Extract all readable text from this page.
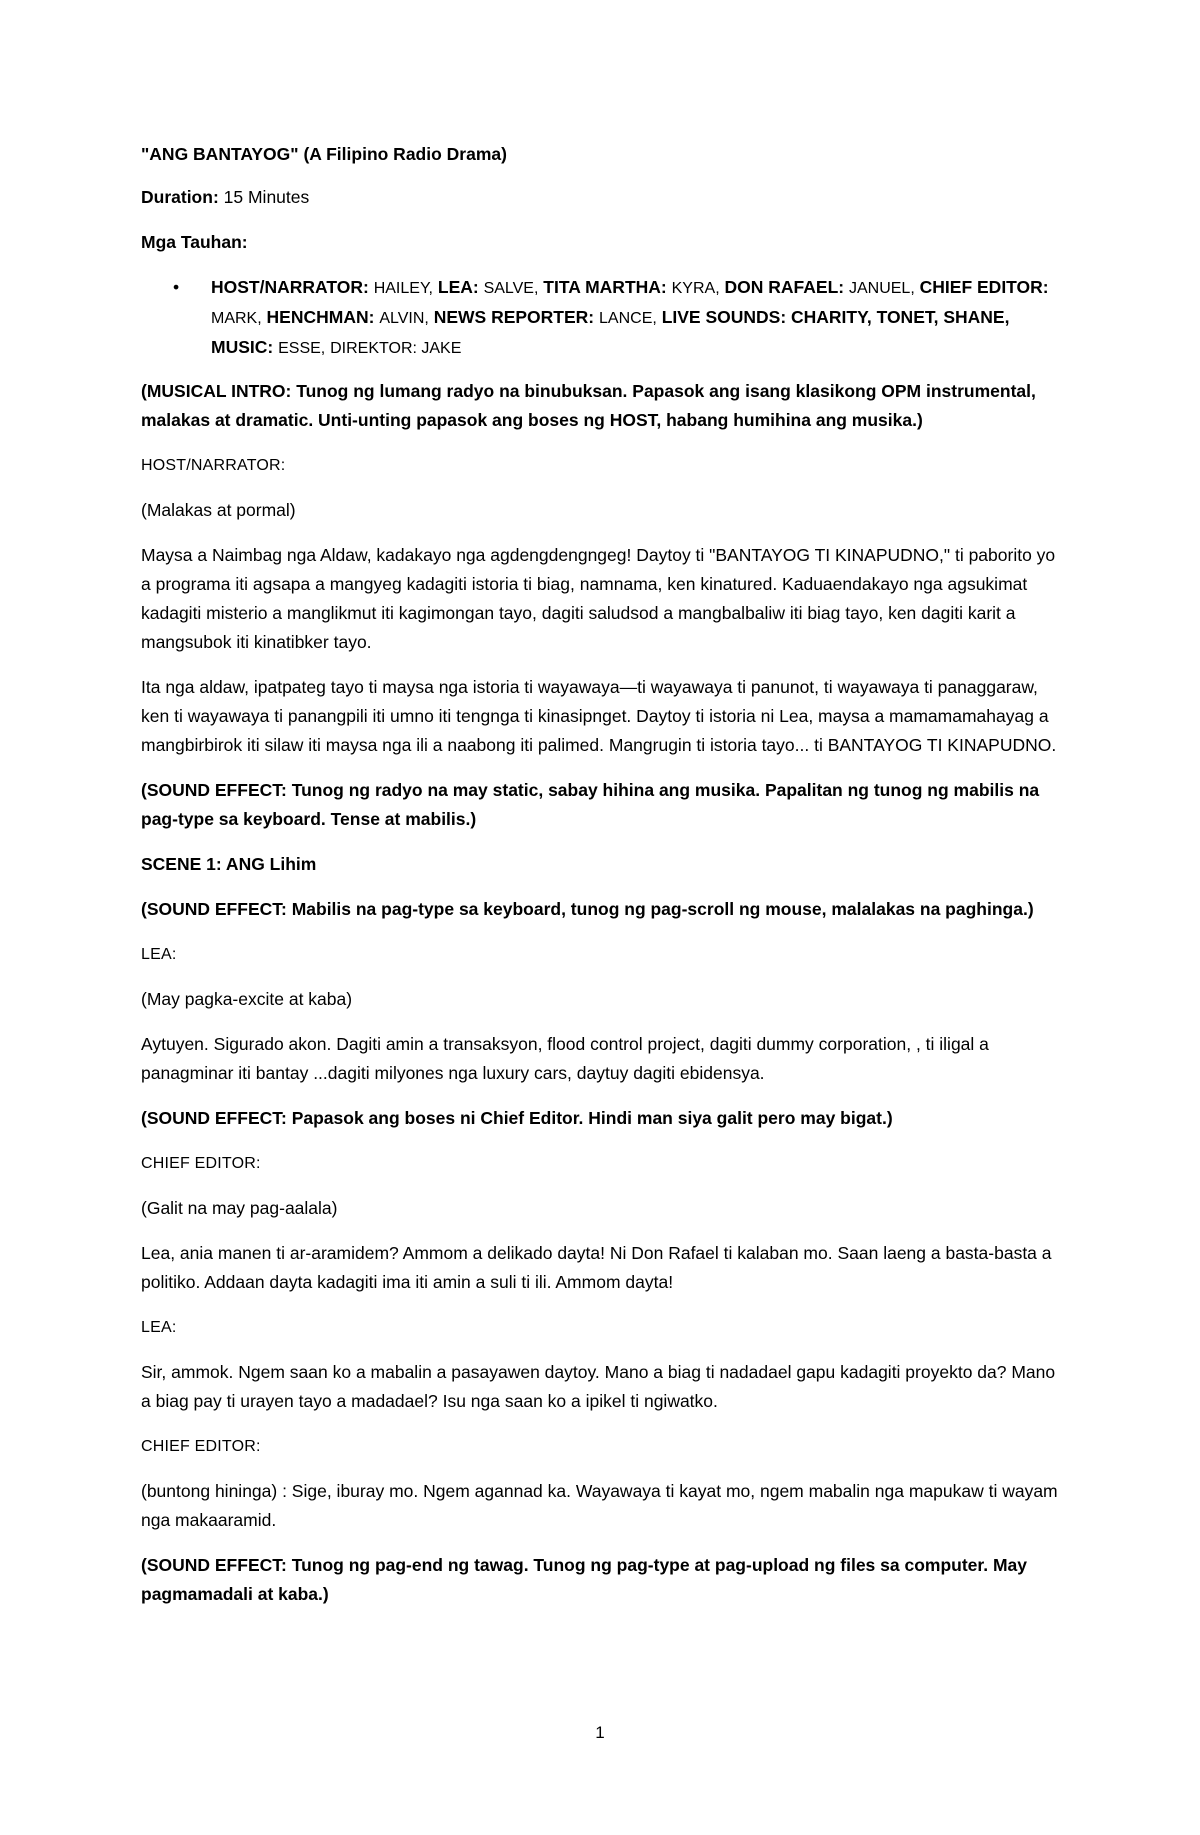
"ANG BANTAYOG" (A Filipino Radio Drama)

Duration: 15 Minutes

Mga Tauhan:

• HOST/NARRATOR: HAILEY, LEA: SALVE, TITA MARTHA: KYRA, DON RAFAEL: JANUEL, CHIEF EDITOR: MARK, HENCHMAN: ALVIN, NEWS REPORTER: LANCE, LIVE SOUNDS: CHARITY, TONET, SHANE, MUSIC: ESSE, DIREKTOR: JAKE

(MUSICAL INTRO: Tunog ng lumang radyo na binubuksan. Papasok ang isang klasikong OPM instrumental, malakas at dramatic. Unti-unting papasok ang boses ng HOST, habang humihina ang musika.)

HOST/NARRATOR:

(Malakas at pormal)

Maysa a Naimbag nga Aldaw, kadakayo nga agdengdengngeg! Daytoy ti "BANTAYOG TI KINAPUDNO," ti paborito yo a programa iti agsapa a mangyeg kadagiti istoria ti biag, namnama, ken kinatured. Kaduaendakayo nga agsukimat kadagiti misterio a manglikmut iti kagimongan tayo, dagiti saludsod a mangbalbaliw iti biag tayo, ken dagiti karit a mangsubok iti kinatibker tayo.

Ita nga aldaw, ipatpateg tayo ti maysa nga istoria ti wayawaya—ti wayawaya ti panunot, ti wayawaya ti panaggaraw, ken ti wayawaya ti panangpili iti umno iti tengnga ti kinasipnget. Daytoy ti istoria ni Lea, maysa a mamamamahayag a mangbirbirok iti silaw iti maysa nga ili a naabong iti palimed. Mangrugin ti istoria tayo... ti BANTAYOG TI KINAPUDNO.

(SOUND EFFECT: Tunog ng radyo na may static, sabay hihina ang musika. Papalitan ng tunog ng mabilis na pag-type sa keyboard. Tense at mabilis.)

SCENE 1: ANG Lihim

(SOUND EFFECT: Mabilis na pag-type sa keyboard, tunog ng pag-scroll ng mouse, malalakas na paghinga.)

LEA:

(May pagka-excite at kaba)

Aytuyen. Sigurado akon. Dagiti amin a transaksyon, flood control project, dagiti dummy corporation, , ti iligal a panagminar iti bantay ...dagiti milyones nga luxury cars, daytuy dagiti ebidensya.

(SOUND EFFECT: Papasok ang boses ni Chief Editor. Hindi man siya galit pero may bigat.)

CHIEF EDITOR:

(Galit na may pag-aalala)

Lea, ania manen ti ar-aramidem? Ammom a delikado dayta! Ni Don Rafael ti kalaban mo. Saan laeng a basta-basta a politiko. Addaan dayta kadagiti ima iti amin a suli ti ili. Ammom dayta!

LEA:

Sir, ammok. Ngem saan ko a mabalin a pasayawen daytoy. Mano a biag ti nadadael gapu kadagiti proyekto da? Mano a biag pay ti urayen tayo a madadael? Isu nga saan ko a ipikel ti ngiwatko.

CHIEF EDITOR:

(buntong hininga) : Sige, iburay mo. Ngem agannad ka. Wayawaya ti kayat mo, ngem mabalin nga mapukaw ti wayam nga makaaramid.

(SOUND EFFECT: Tunog ng pag-end ng tawag. Tunog ng pag-type at pag-upload ng files sa computer. May pagmamadali at kaba.)

1
